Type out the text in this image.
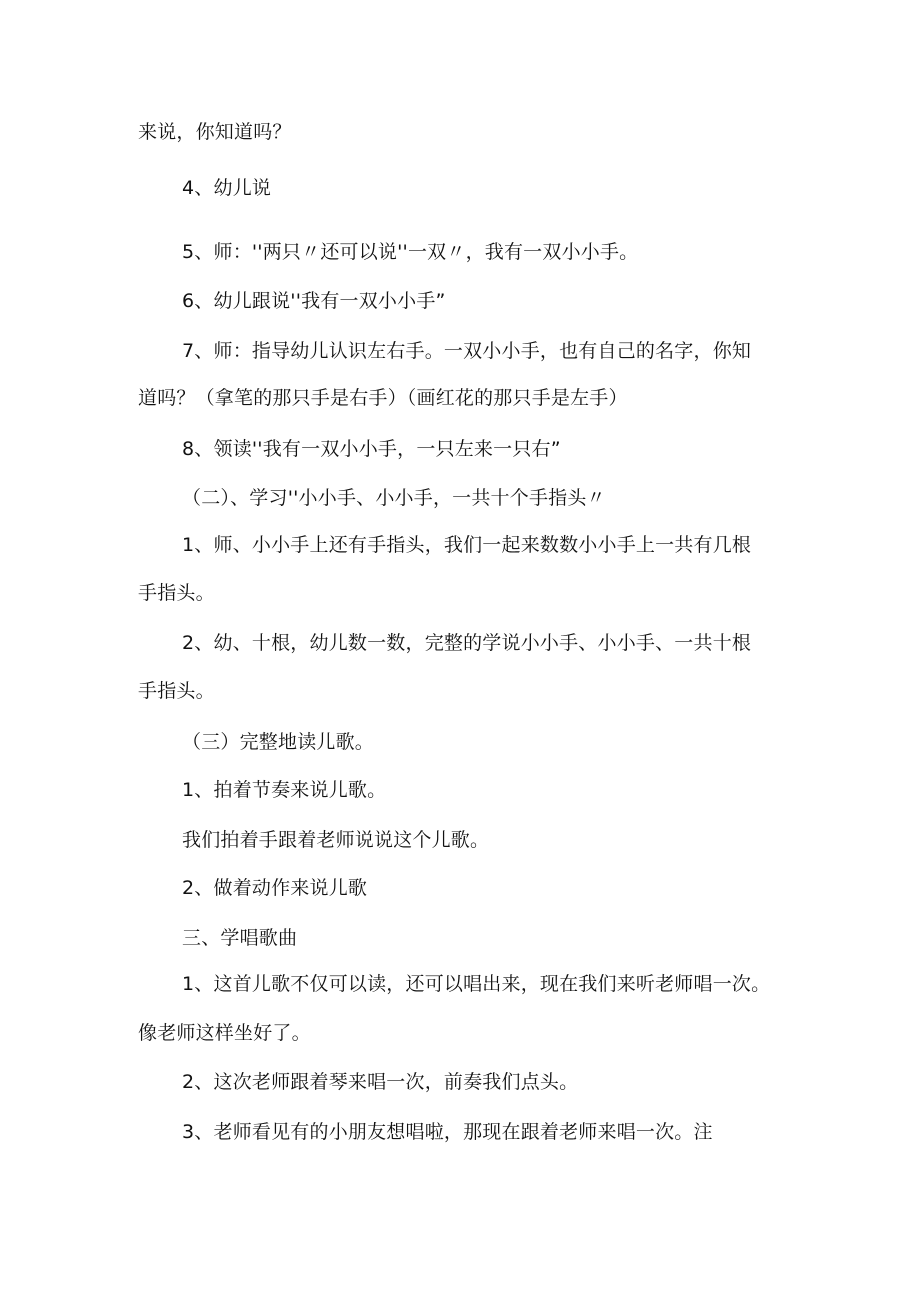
来说，你知道吗？
4、幼儿说
5、师：''两只〃还可以说''一双〃，我有一双小小手。
6、幼儿跟说''我有一双小小手”
7、师：指导幼儿认识左右手。一双小小手，也有自己的名字，你知
道吗？（拿笔的那只手是右手）（画红花的那只手是左手）
8、领读''我有一双小小手，一只左来一只右”
（二）、学习''小小手、小小手，一共十个手指头〃
1、师、小小手上还有手指头，我们一起来数数小小手上一共有几根
手指头。
2、幼、十根，幼儿数一数，完整的学说小小手、小小手、一共十根
手指头。
（三）完整地读儿歌。
1、拍着节奏来说儿歌。
我们拍着手跟着老师说说这个儿歌。
2、做着动作来说儿歌
三、学唱歌曲
1、这首儿歌不仅可以读，还可以唱出来，现在我们来听老师唱一次。
像老师这样坐好了。
2、这次老师跟着琴来唱一次，前奏我们点头。
3、老师看见有的小朋友想唱啦，那现在跟着老师来唱一次。注
